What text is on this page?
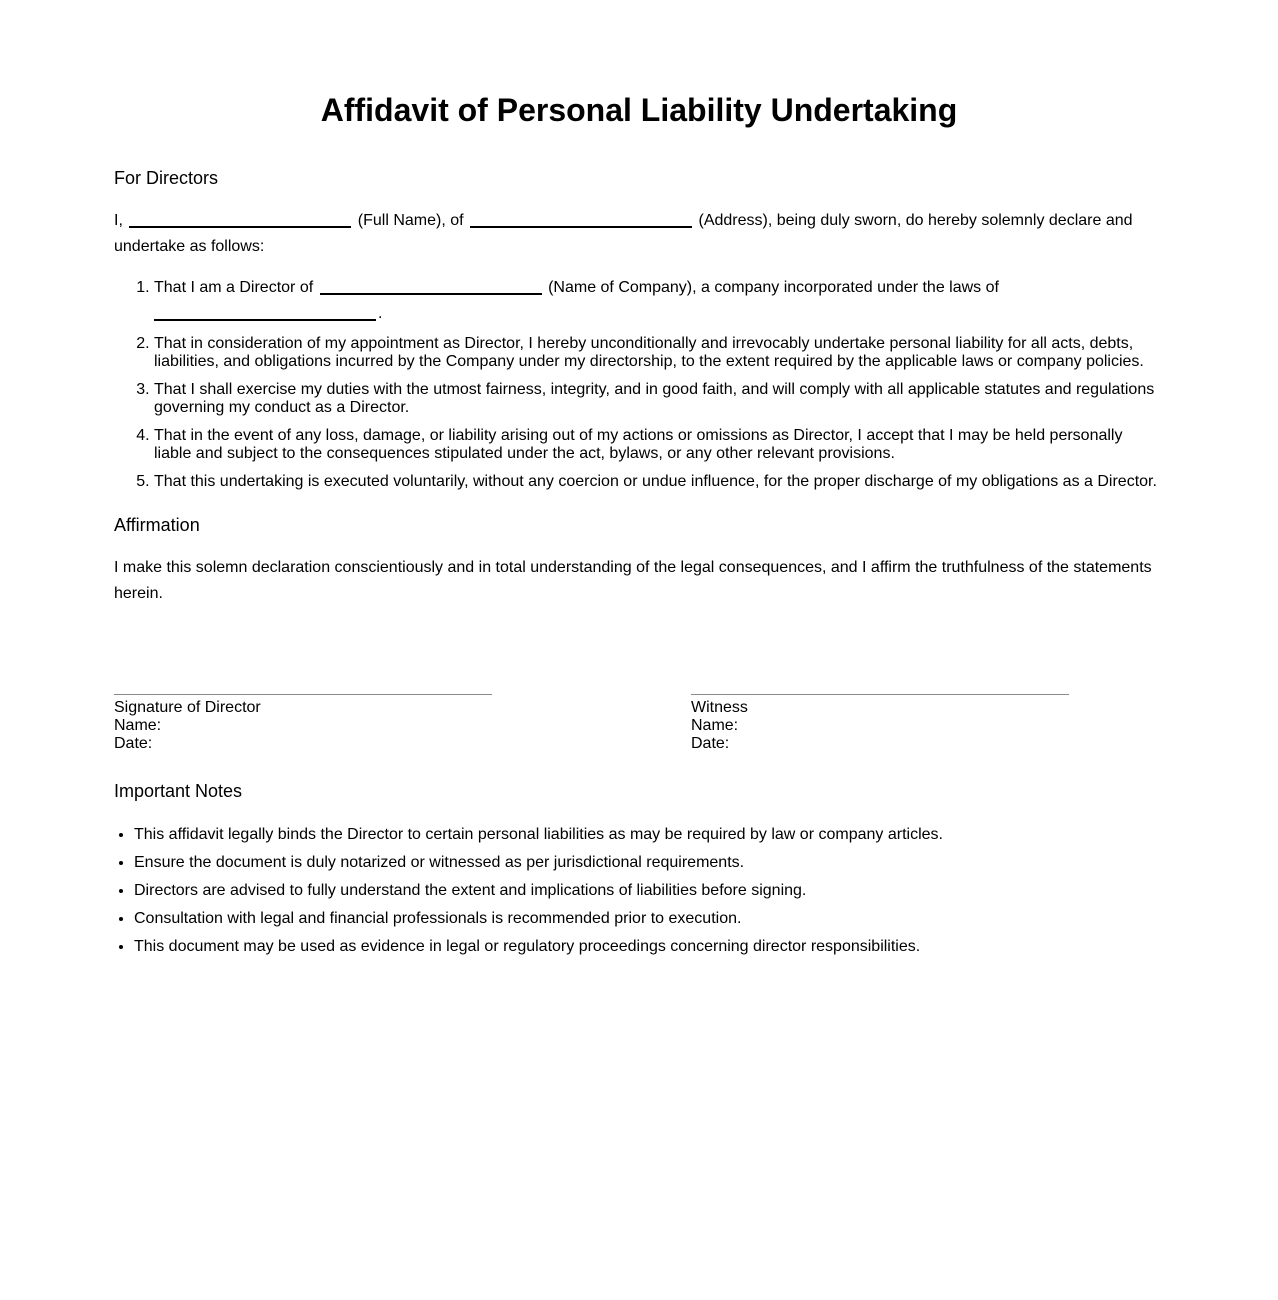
Affidavit of Personal Liability Undertaking
For Directors

I,	(Full Name), of	(Address), being duly sworn, do hereby solemnly declare and undertake as follows:

1. That I am a Director of	(Name of Company), a company incorporated under the laws of .
2. That in consideration of my appointment as Director, I hereby unconditionally and irrevocably undertake personal liability for all acts, debts, liabilities, and obligations incurred by the Company under my directorship, to the extent required by the applicable laws or company policies.
3. That I shall exercise my duties with the utmost fairness, integrity, and in good faith, and will comply with all applicable statutes and regulations governing my conduct as a Director.
4. That in the event of any loss, damage, or liability arising out of my actions or omissions as Director, I accept that I may be held personally liable and subject to the consequences stipulated under the act, bylaws, or any other relevant provisions.
5. That this undertaking is executed voluntarily, without any coercion or undue influence, for the proper discharge of my obligations as a Director.
Affirmation

I make this solemn declaration conscientiously and in total understanding of the legal consequences, and I affirm the truthfulness of the statements herein.

Signature of Director

Name:

Date:

Witness

Name:

Date:

Important Notes
• This affidavit legally binds the Director to certain personal liabilities as may be required by law or company articles.
• Ensure the document is duly notarized or witnessed as per jurisdictional requirements.
• Directors are advised to fully understand the extent and implications of liabilities before signing.
• Consultation with legal and financial professionals is recommended prior to execution.
• This document may be used as evidence in legal or regulatory proceedings concerning director responsibilities.
